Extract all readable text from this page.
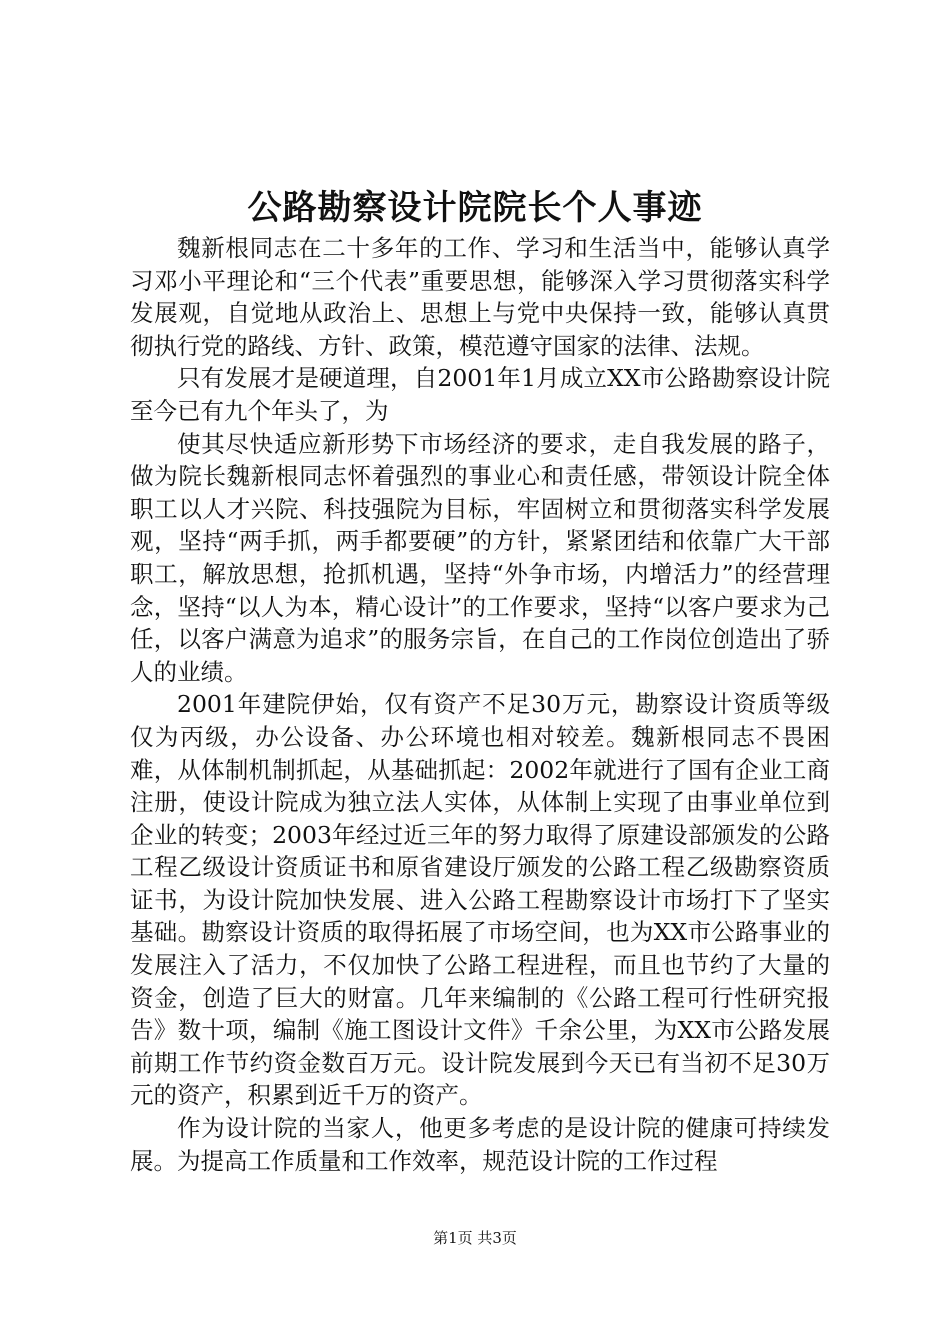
公路勘察设计院院长个人事迹

魏新根同志在二十多年的工作、学习和生活当中，能够认真学习邓小平理论和“三个代表”重要思想，能够深入学习贯彻落实科学发展观，自觉地从政治上、思想上与党中央保持一致，能够认真贯彻执行党的路线、方针、政策，模范遵守国家的法律、法规。

只有发展才是硬道理，自2001年1月成立XX市公路勘察设计院至今已有九个年头了，为

使其尽快适应新形势下市场经济的要求，走自我发展的路子，做为院长魏新根同志怀着强烈的事业心和责任感，带领设计院全体职工以人才兴院、科技强院为目标，牢固树立和贯彻落实科学发展观，坚持“两手抓，两手都要硬”的方针，紧紧团结和依靠广大干部职工，解放思想，抢抓机遇，坚持“外争市场，内增活力”的经营理念，坚持“以人为本，精心设计”的工作要求，坚持“以客户要求为己任，以客户满意为追求”的服务宗旨，在自己的工作岗位创造出了骄人的业绩。

2001年建院伊始，仅有资产不足30万元，勘察设计资质等级仅为丙级，办公设备、办公环境也相对较差。魏新根同志不畏困难，从体制机制抓起，从基础抓起：2002年就进行了国有企业工商注册，使设计院成为独立法人实体，从体制上实现了由事业单位到企业的转变；2003年经过近三年的努力取得了原建设部颁发的公路工程乙级设计资质证书和原省建设厅颁发的公路工程乙级勘察资质证书，为设计院加快发展、进入公路工程勘察设计市场打下了坚实基础。勘察设计资质的取得拓展了市场空间，也为XX市公路事业的发展注入了活力，不仅加快了公路工程进程，而且也节约了大量的资金，创造了巨大的财富。几年来编制的《公路工程可行性研究报告》数十项，编制《施工图设计文件》千余公里，为XX市公路发展前期工作节约资金数百万元。设计院发展到今天已有当初不足30万元的资产，积累到近千万的资产。

作为设计院的当家人，他更多考虑的是设计院的健康可持续发展。为提高工作质量和工作效率，规范设计院的工作过程

第1页 共3页
